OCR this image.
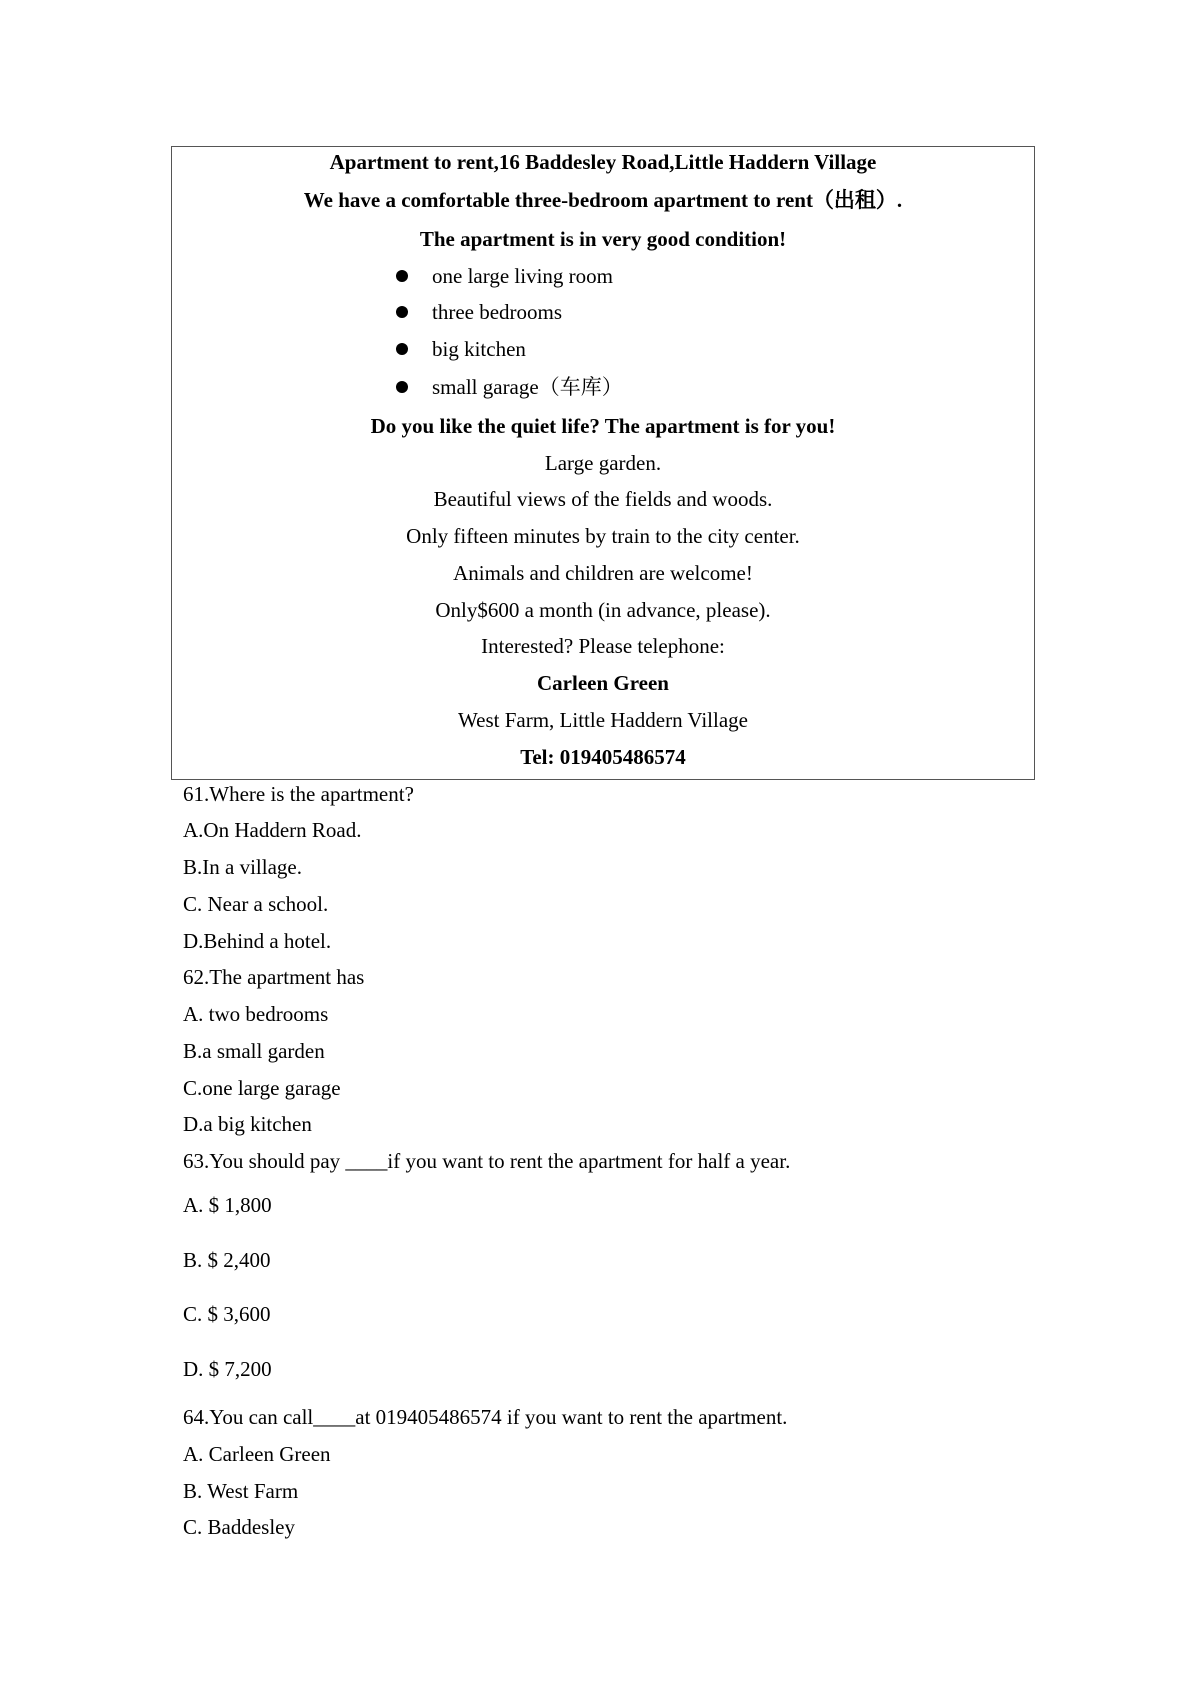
Apartment to rent,16 Baddesley Road,Little Haddern Village
We have a comfortable three-bedroom apartment to rent（出租）.
The apartment is in very good condition!
one large living room
three bedrooms
big kitchen
small garage（车库）
Do you like the quiet life? The apartment is for you!
Large garden.
Beautiful views of the fields and woods.
Only fifteen minutes by train to the city center.
Animals and children are welcome!
Only$600 a month (in advance, please).
Interested? Please telephone:
Carleen Green
West Farm, Little Haddern Village
Tel: 019405486574
61.Where is the apartment?
A.On Haddern Road.
B.In a village.
C. Near a school.
D.Behind a hotel.
62.The apartment has
A. two bedrooms
B.a small garden
C.one large garage
D.a big kitchen
63.You should pay ____if you want to rent the apartment for half a year.
A. $ 1,800
B. $ 2,400
C. $ 3,600
D. $ 7,200
64.You can call____at 019405486574 if you want to rent the apartment.
A. Carleen Green
B. West Farm
C. Baddesley
